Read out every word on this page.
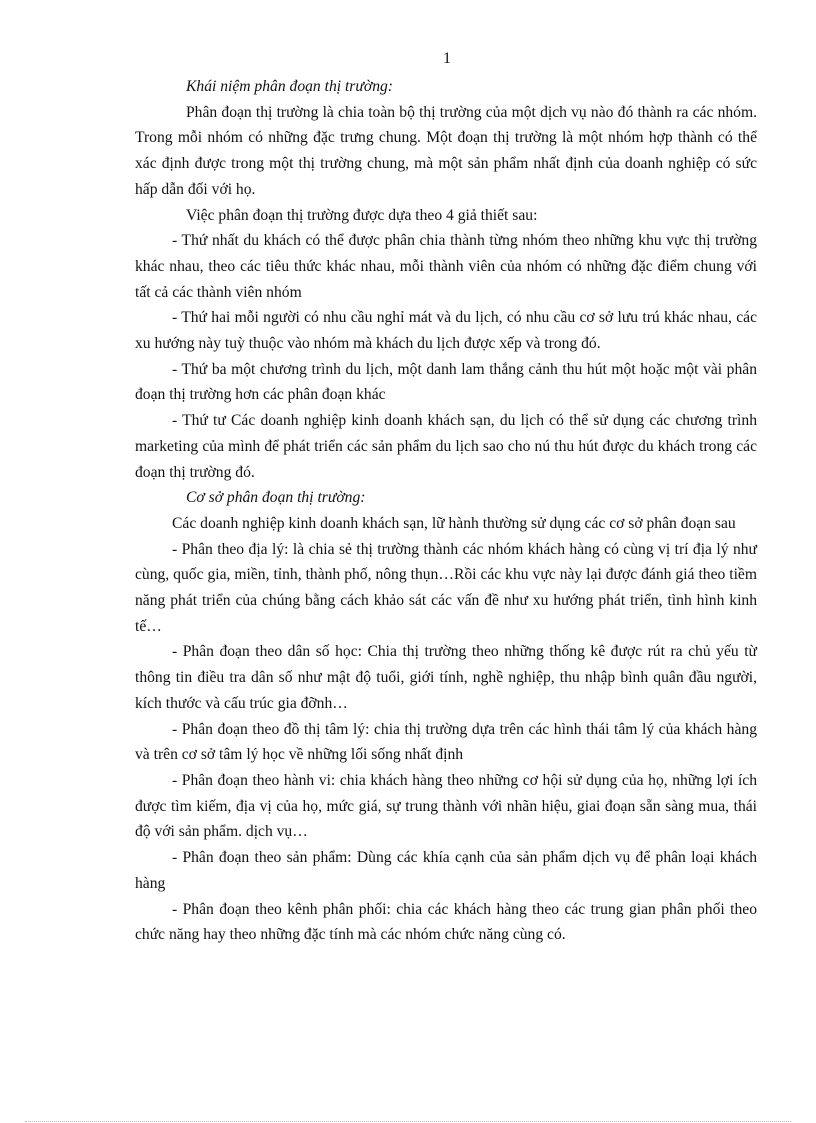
1

Khái niệm phân đoạn thị trường:

Phân đoạn thị trường là chia toàn bộ thị trường của một dịch vụ nào đó thành ra các nhóm. Trong mỗi nhóm có những đặc trưng chung. Một đoạn thị trường là một nhóm hợp thành có thể xác định được trong một thị trường chung, mà một sản phẩm nhất định của doanh nghiệp có sức hấp dẫn đối với họ.

Việc phân đoạn thị trường được dựa theo 4 giả thiết sau:

- Thứ nhất du khách có thể được phân chia thành từng nhóm theo những khu vực thị trường khác nhau, theo các tiêu thức khác nhau, mỗi thành viên của nhóm có những đặc điểm chung với tất cả các thành viên nhóm

- Thứ hai mỗi người có nhu cầu nghỉ mát và du lịch, có nhu cầu cơ sở lưu trú khác nhau, các xu hướng này tuỳ thuộc vào nhóm mà khách du lịch được xếp và trong đó.

- Thứ ba một chương trình du lịch, một danh lam thắng cảnh thu hút một hoặc một vài phân đoạn thị trường hơn các phân đoạn khác

- Thứ tư Các doanh nghiệp kinh doanh khách sạn, du lịch có thể sử dụng các chương trình marketing của mình để phát triển các sản phẩm du lịch sao cho nú thu hút được du khách trong các đoạn thị trường đó.

Cơ sở phân đoạn thị trường:

Các doanh nghiệp kinh doanh khách sạn, lữ hành thường sử dụng các cơ sở phân đoạn sau

- Phân theo địa lý: là chia sẻ thị trường thành các nhóm khách hàng có cùng vị trí địa lý như cùng, quốc gia, miền, tỉnh, thành phố, nông thụn…Rồi các khu vực này lại được đánh giá theo tiềm năng phát triển của chúng bằng cách khảo sát các vấn đề như xu hướng phát triển, tình hình kinh tế…

- Phân đoạn theo dân số học: Chia thị trường theo những thống kê được rút ra chủ yếu từ thông tin điều tra dân số như mật độ tuổi, giới tính, nghề nghiệp, thu nhập bình quân đầu người, kích thước và cấu trúc gia đỡnh…

- Phân đoạn theo đồ thị tâm lý: chia thị trường dựa trên các hình thái tâm lý của khách hàng và trên cơ sở tâm lý học về những lối sống nhất định

- Phân đoạn theo hành vi: chia khách hàng theo những cơ hội sử dụng của họ, những lợi ích được tìm kiếm, địa vị của họ, mức giá, sự trung thành với nhãn hiệu, giai đoạn sẵn sàng mua, thái độ với sản phẩm. dịch vụ…

- Phân đoạn theo sản phẩm: Dùng các khía cạnh của sản phẩm dịch vụ để phân loại khách hàng

- Phân đoạn theo kênh phân phối: chia các khách hàng theo các trung gian phân phối theo chức năng hay theo những đặc tính mà các nhóm chức năng cùng có.
